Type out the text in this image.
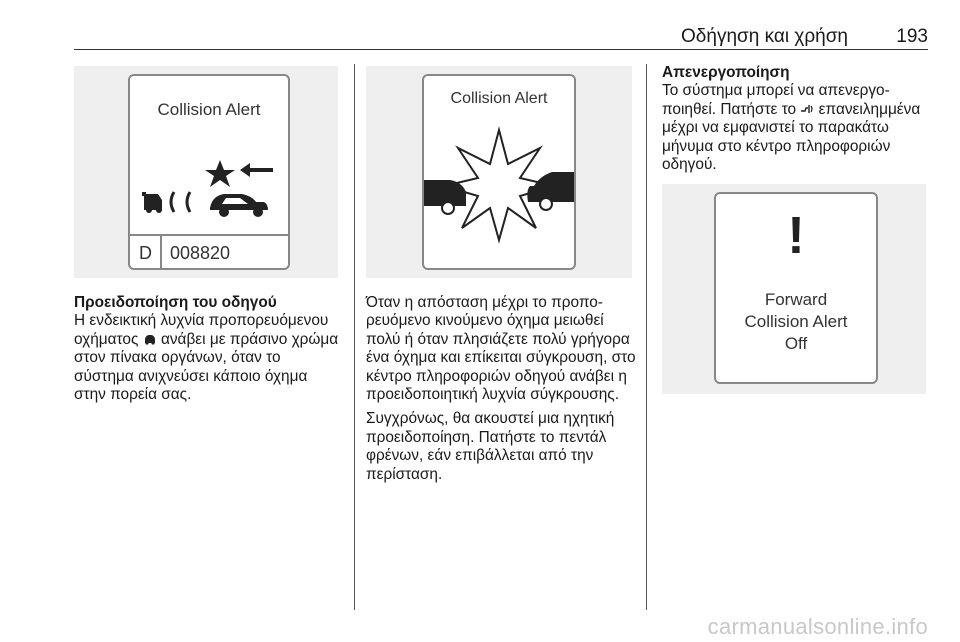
Οδήγηση και χρήση	193
Collision Alert
D 008820

Προειδοποίηση του οδηγού
Η ενδεικτική λυχνία προπορευόμενου οχήματος  ανάβει με πράσινο χρώμα στον πίνακα οργάνων, όταν το σύστημα ανιχνεύσει κάποιο όχημα στην πορεία σας.

Collision Alert

Όταν η απόσταση μέχρι το προπορευόμενο κινούμενο όχημα μειωθεί πολύ ή όταν πλησιάζετε πολύ γρήγορα ένα όχημα και επίκειται σύγκρουση, στο κέντρο πληροφοριών οδηγού ανάβει η προειδοποιητική λυχνία σύγκρουσης.

Συγχρόνως, θα ακουστεί μια ηχητική προειδοποίηση. Πατήστε το πεντάλ φρένων, εάν επιβάλλεται από την περίσταση.

Απενεργοποίηση
Το σύστημα μπορεί να απενεργοποιηθεί. Πατήστε το  επανειλημμένα μέχρι να εμφανιστεί το παρακάτω μήνυμα στο κέντρο πληροφοριών οδηγού.

!
Forward
Collision Alert
Off
carmanualsonline.info
